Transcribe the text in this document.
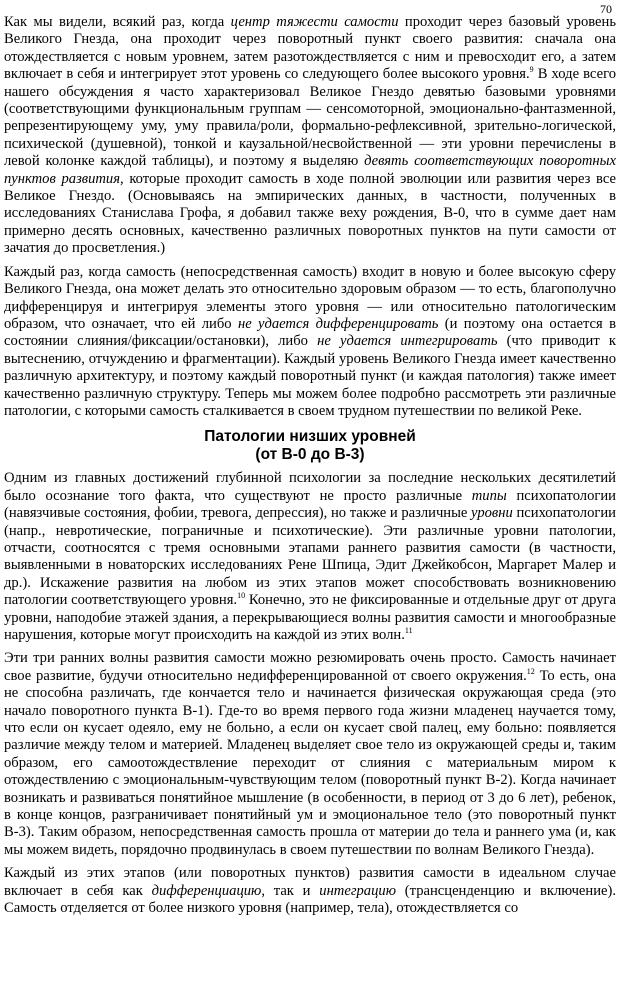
70

Как мы видели, всякий раз, когда центр тяжести самости проходит через базовый уровень Великого Гнезда, она проходит через поворотный пункт своего развития: сначала она отождествляется с новым уровнем, затем разотождествляется с ним и превосходит его, а затем включает в себя и интегрирует этот уровень со следующего более высокого уровня.$^9$ В ходе всего нашего обсуждения я часто характеризовал Великое Гнездо девятью базовыми уровнями (соответствующими функциональным группам — сенсомоторной, эмоционально-фантазменной, репрезентирующему уму, уму правила/роли, формально-рефлексивной, зрительно-логической, психической (душевной), тонкой и каузальной/несвойственной — эти уровни перечислены в левой колонке каждой таблицы), и поэтому я выделяю девять соответствующих поворотных пунктов развития, которые проходит самость в ходе полной эволюции или развития через все Великое Гнездо. (Основываясь на эмпирических данных, в частности, полученных в исследованиях Станислава Грофа, я добавил также веху рождения, В-0, что в сумме дает нам примерно десять основных, качественно различных поворотных пунктов на пути самости от зачатия до просветления.)

Каждый раз, когда самость (непосредственная самость) входит в новую и более высокую сферу Великого Гнезда, она может делать это относительно здоровым образом — то есть, благополучно дифференцируя и интегрируя элементы этого уровня — или относительно патологическим образом, что означает, что ей либо не удается дифференцировать (и поэтому она остается в состоянии слияния/фиксации/остановки), либо не удается интегрировать (что приводит к вытеснению, отчуждению и фрагментации). Каждый уровень Великого Гнезда имеет качественно различную архитектуру, и поэтому каждый поворотный пункт (и каждая патология) также имеет качественно различную структуру. Теперь мы можем более подробно рассмотреть эти различные патологии, с которыми самость сталкивается в своем трудном путешествии по великой Реке.

Патологии низших уровней
(от В-0 до В-3)

Одним из главных достижений глубинной психологии за последние нескольких десятилетий было осознание того факта, что существуют не просто различные типы психопатологии (навязчивые состояния, фобии, тревога, депрессия), но также и различные уровни психопатологии (напр., невротические, пограничные и психотические). Эти различные уровни патологии, отчасти, соотносятся с тремя основными этапами раннего развития самости (в частности, выявленными в новаторских исследованиях Рене Шпица, Эдит Джейкобсон, Маргарет Малер и др.). Искажение развития на любом из этих этапов может способствовать возникновению патологии соответствующего уровня.$^{10}$ Конечно, это не фиксированные и отдельные друг от друга уровни, наподобие этажей здания, а перекрывающиеся волны развития самости и многообразные нарушения, которые могут происходить на каждой из этих волн.$^{11}$

Эти три ранних волны развития самости можно резюмировать очень просто. Самость начинает свое развитие, будучи относительно недифференцированной от своего окружения.$^{12}$ То есть, она не способна различать, где кончается тело и начинается физическая окружающая среда (это начало поворотного пункта В-1). Где-то во время первого года жизни младенец научается тому, что если он кусает одеяло, ему не больно, а если он кусает свой палец, ему больно: появляется различие между телом и материей. Младенец выделяет свое тело из окружающей среды и, таким образом, его самоотождествление переходит от слияния с материальным миром к отождествлению с эмоциональным-чувствующим телом (поворотный пункт В-2). Когда начинает возникать и развиваться понятийное мышление (в особенности, в период от 3 до 6 лет), ребенок, в конце концов, разграничивает понятийный ум и эмоциональное тело (это поворотный пункт В-3). Таким образом, непосредственная самость прошла от материи до тела и раннего ума (и, как мы можем видеть, порядочно продвинулась в своем путешествии по волнам Великого Гнезда).

Каждый из этих этапов (или поворотных пунктов) развития самости в идеальном случае включает в себя как дифференциацию, так и интеграцию (трансценденцию и включение). Самость отделяется от более низкого уровня (например, тела), отождествляется со
